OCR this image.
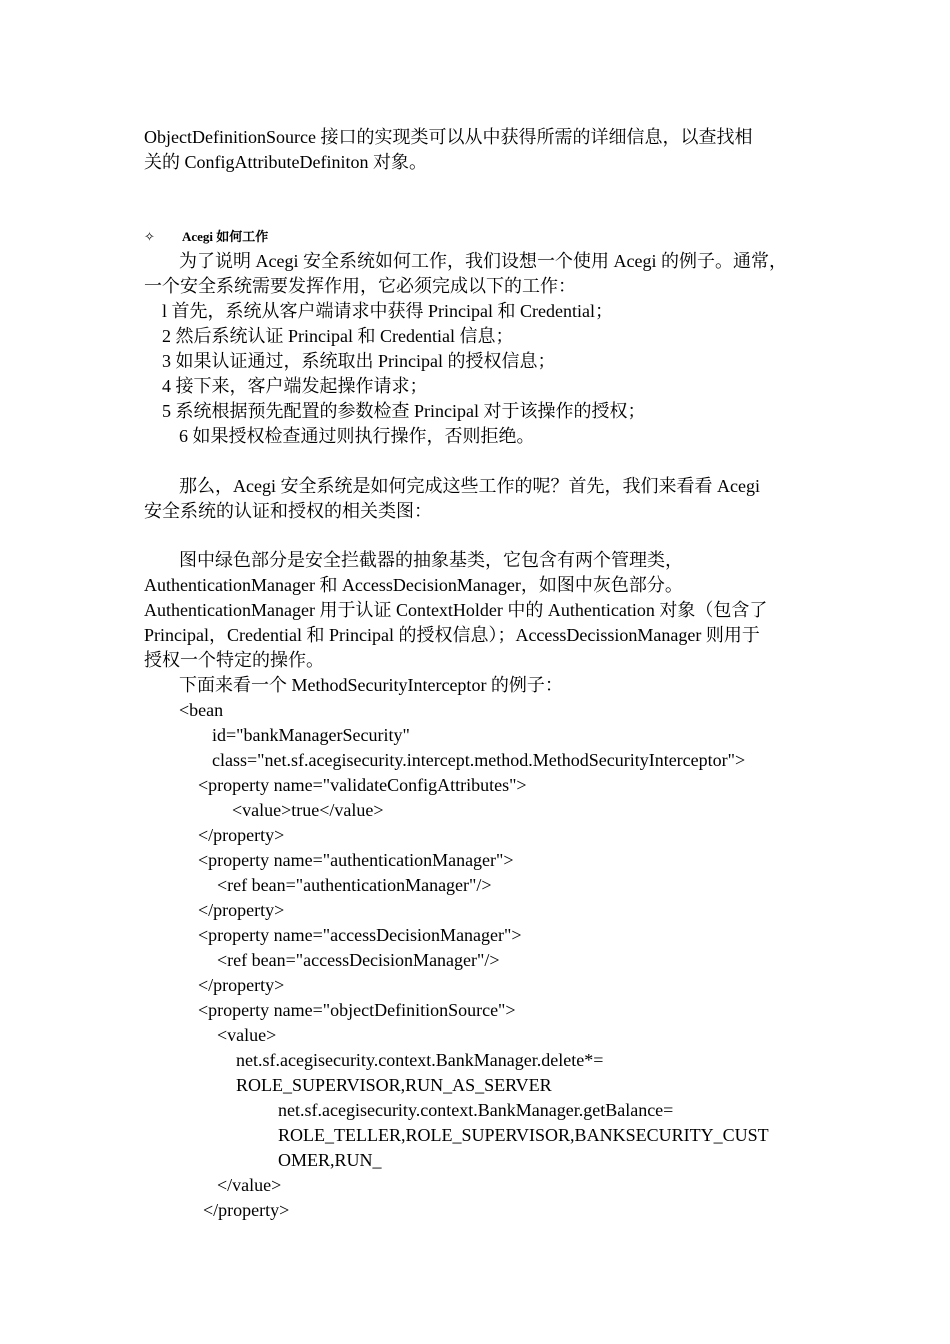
ObjectDefinitionSource 接口的实现类可以从中获得所需的详细信息，以查找相
关的 ConfigAttributeDefiniton 对象。
✧ Acegi 如何工作
为了说明 Acegi 安全系统如何工作，我们设想一个使用 Acegi 的例子。通常，
一个安全系统需要发挥作用，它必须完成以下的工作：
l 首先，系统从客户端请求中获得 Principal 和 Credential；
2 然后系统认证 Principal 和 Credential 信息；
3 如果认证通过，系统取出 Principal 的授权信息；
4 接下来，客户端发起操作请求；
5 系统根据预先配置的参数检查 Principal 对于该操作的授权；
6 如果授权检查通过则执行操作，否则拒绝。
那么，Acegi 安全系统是如何完成这些工作的呢？首先，我们来看看 Acegi
安全系统的认证和授权的相关类图：
图中绿色部分是安全拦截器的抽象基类，它包含有两个管理类，
AuthenticationManager 和 AccessDecisionManager，如图中灰色部分。
AuthenticationManager 用于认证 ContextHolder 中的 Authentication 对象（包含了
Principal，Credential 和 Principal 的授权信息）；AccessDecissionManager 则用于
授权一个特定的操作。
下面来看一个 MethodSecurityInterceptor 的例子：
<bean
id="bankManagerSecurity"
class="net.sf.acegisecurity.intercept.method.MethodSecurityInterceptor">
<property name="validateConfigAttributes">
<value>true</value>
</property>
<property name="authenticationManager">
<ref bean="authenticationManager"/>
</property>
<property name="accessDecisionManager">
<ref bean="accessDecisionManager"/>
</property>
<property name="objectDefinitionSource">
<value>
net.sf.acegisecurity.context.BankManager.delete*=
ROLE_SUPERVISOR,RUN_AS_SERVER
net.sf.acegisecurity.context.BankManager.getBalance=
ROLE_TELLER,ROLE_SUPERVISOR,BANKSECURITY_CUST
OMER,RUN_
</value>
</property>
